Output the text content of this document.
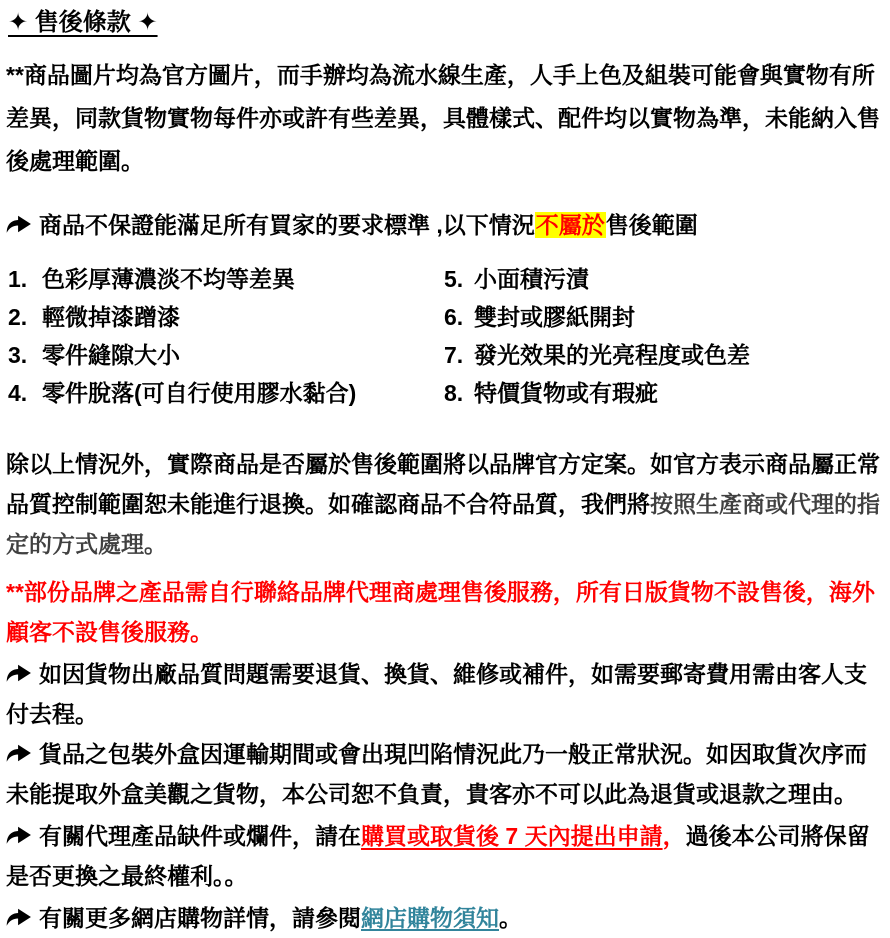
✦ 售後條款 ✦

**商品圖片均為官方圖片，而手辦均為流水線生產，人手上色及組裝可能會與實物有所差異，同款貨物實物每件亦或許有些差異，具體樣式、配件均以實物為準，未能納入售後處理範圍。

商品不保證能滿足所有買家的要求標準 ,以下情況不屬於售後範圍

1. 色彩厚薄濃淡不均等差異
2. 輕微掉漆蹭漆
3. 零件縫隙大小
4. 零件脫落(可自行使用膠水黏合)
5. 小面積污漬
6. 雙封或膠紙開封
7. 發光效果的光亮程度或色差
8. 特價貨物或有瑕疵

除以上情況外，實際商品是否屬於售後範圍將以品牌官方定案。如官方表示商品屬正常品質控制範圍恕未能進行退換。如確認商品不合符品質，我們將按照生產商或代理的指定的方式處理。

**部份品牌之產品需自行聯絡品牌代理商處理售後服務，所有日版貨物不設售後，海外顧客不設售後服務。

如因貨物出廠品質問題需要退貨、換貨、維修或補件，如需要郵寄費用需由客人支付去程。

貨品之包裝外盒因運輸期間或會出現凹陷情況此乃一般正常狀況。如因取貨次序而未能提取外盒美觀之貨物，本公司恕不負責，貴客亦不可以此為退貨或退款之理由。

有關代理產品缺件或爛件，請在購買或取貨後 7 天內提出申請，過後本公司將保留是否更換之最終權利。。

有關更多網店購物詳情，請參閱網店購物須知。
